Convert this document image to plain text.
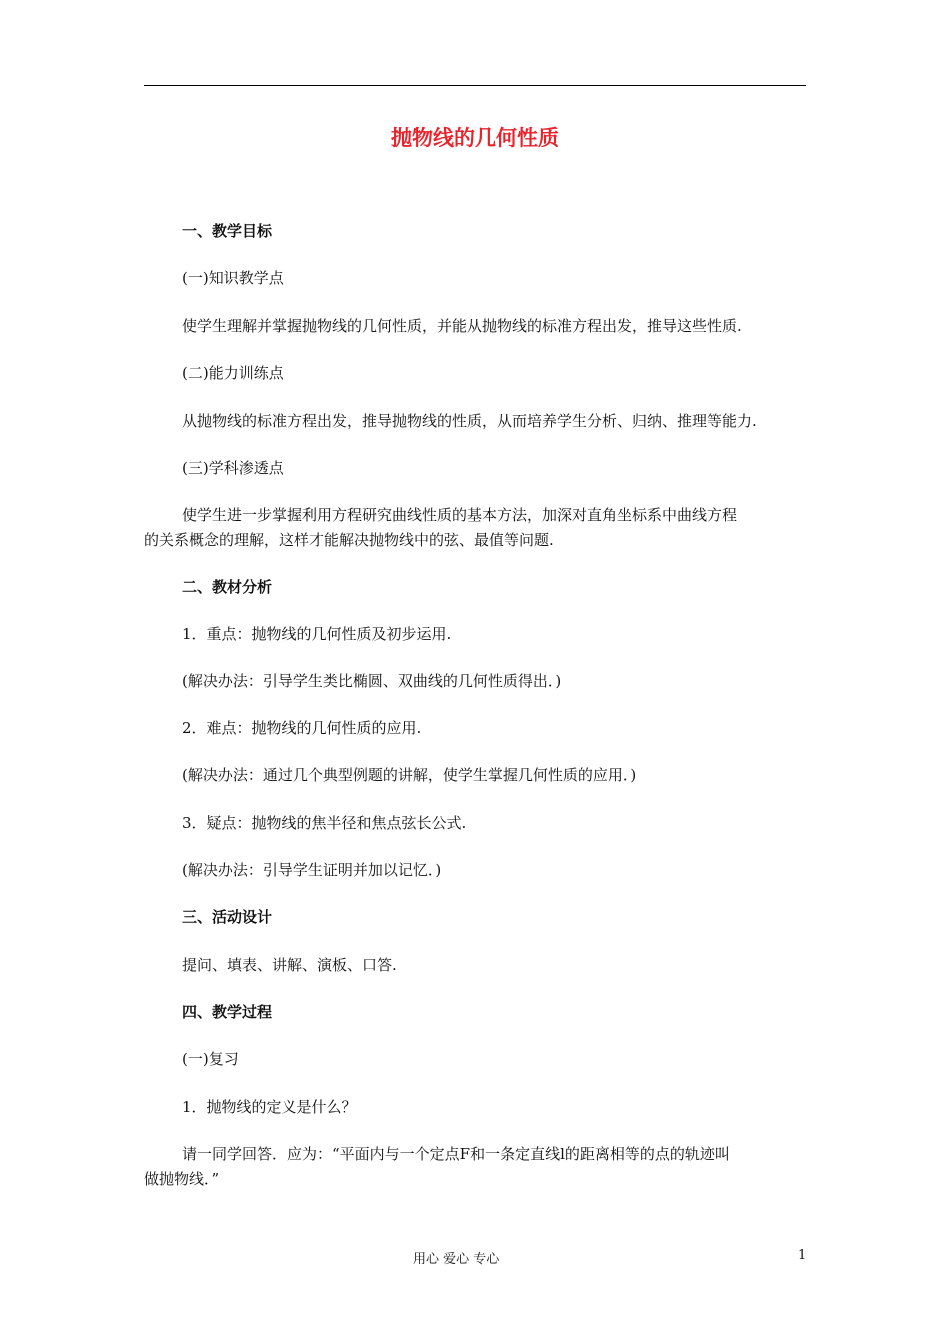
抛物线的几何性质
一、教学目标
(一)知识教学点
使学生理解并掌握抛物线的几何性质，并能从抛物线的标准方程出发，推导这些性质.
(二)能力训练点
从抛物线的标准方程出发，推导抛物线的性质，从而培养学生分析、归纳、推理等能力.
(三)学科渗透点
使学生进一步掌握利用方程研究曲线性质的基本方法，加深对直角坐标系中曲线方程
的关系概念的理解，这样才能解决抛物线中的弦、最值等问题.
二、教材分析
1．重点：抛物线的几何性质及初步运用.
(解决办法：引导学生类比椭圆、双曲线的几何性质得出．)
2．难点：抛物线的几何性质的应用.
(解决办法：通过几个典型例题的讲解，使学生掌握几何性质的应用．)
3．疑点：抛物线的焦半径和焦点弦长公式.
(解决办法：引导学生证明并加以记忆．)
三、活动设计
提问、填表、讲解、演板、口答.
四、教学过程
(一)复习
1．抛物线的定义是什么？
请一同学回答．应为：“平面内与一个定点F和一条定直线l的距离相等的点的轨迹叫
做抛物线．”
用心 爱心 专心	1
